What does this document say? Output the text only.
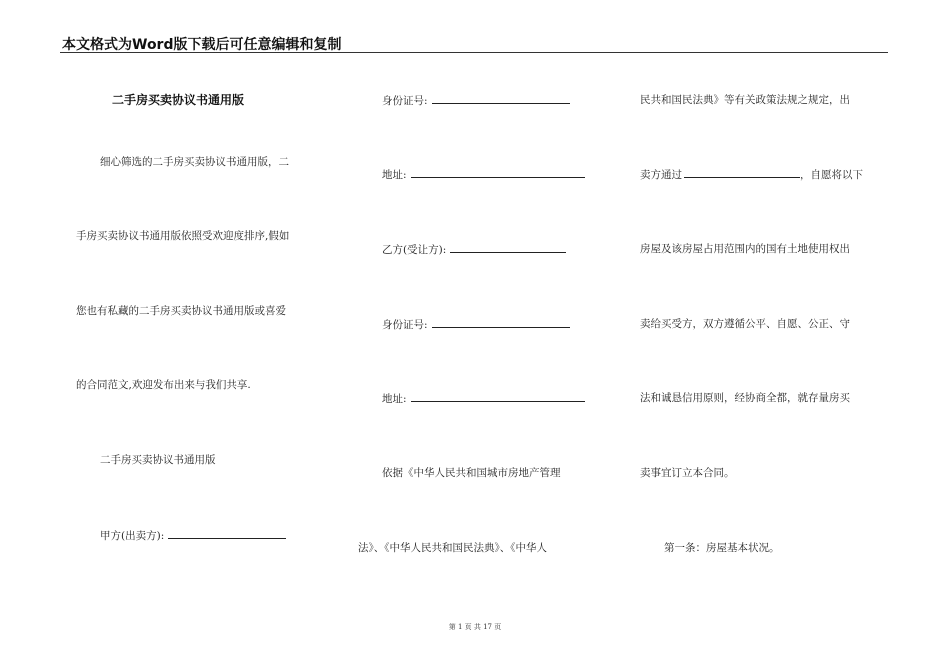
本文格式为Word版下载后可任意编辑和复制
二手房买卖协议书通用版
细心筛选的二手房买卖协议书通用版，二
手房买卖协议书通用版依照受欢迎度排序,假如
您也有私藏的二手房买卖协议书通用版或喜爱
的合同范文,欢迎发布出来与我们共享.
二手房买卖协议书通用版
甲方(出卖方):
身份证号:
地址:
乙方(受让方):
身份证号:
地址:
依据《中华人民共和国城市房地产管理
法》、《中华人民共和国民法典》、《中华人
民共和国民法典》等有关政策法规之规定，出
卖方通过	，自愿将以下
房屋及该房屋占用范围内的国有土地使用权出
卖给买受方，双方遵循公平、自愿、公正、守
法和诚恳信用原则，经协商全都，就存量房买
卖事宜订立本合同。
第一条：房屋基本状况。
第 1 页 共 17 页
